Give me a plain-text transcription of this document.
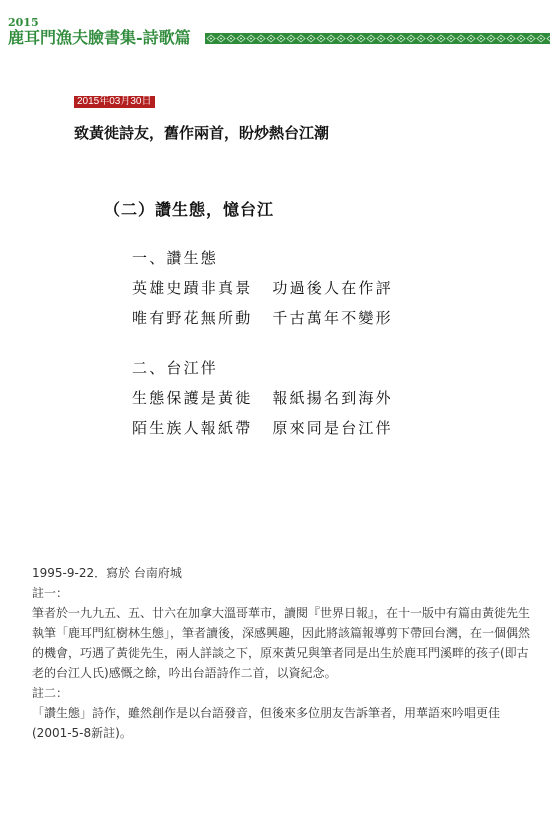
2015
鹿耳門漁夫臉書集-詩歌篇
2015年03月30日
致黃徙詩友，舊作兩首，盼炒熱台江潮
（二）讚生態，憶台江
一、讚生態
英雄史蹟非真景 功過後人在作評
唯有野花無所動 千古萬年不變形
二、台江伴
生態保護是黃徙 報紙揚名到海外
陌生族人報紙帶 原來同是台江伴

1995-9-22．寫於 台南府城

註一：

筆者於一九九五、五、廿六在加拿大溫哥華市，讀閱『世界日報』，在十一版中有篇由黃徙先生執筆「鹿耳門紅樹林生態」，筆者讀後，深感興趣，因此將該篇報導剪下帶回台灣，在一個偶然的機會，巧遇了黃徙先生，兩人詳談之下，原來黃兄與筆者同是出生於鹿耳門溪畔的孩子(即古老的台江人氏)感慨之餘，吟出台語詩作二首，以資紀念。

註二：

「讚生態」詩作，雖然創作是以台語發音，但後來多位朋友告訴筆者，用華語來吟唱更佳(2001-5-8新註)。
